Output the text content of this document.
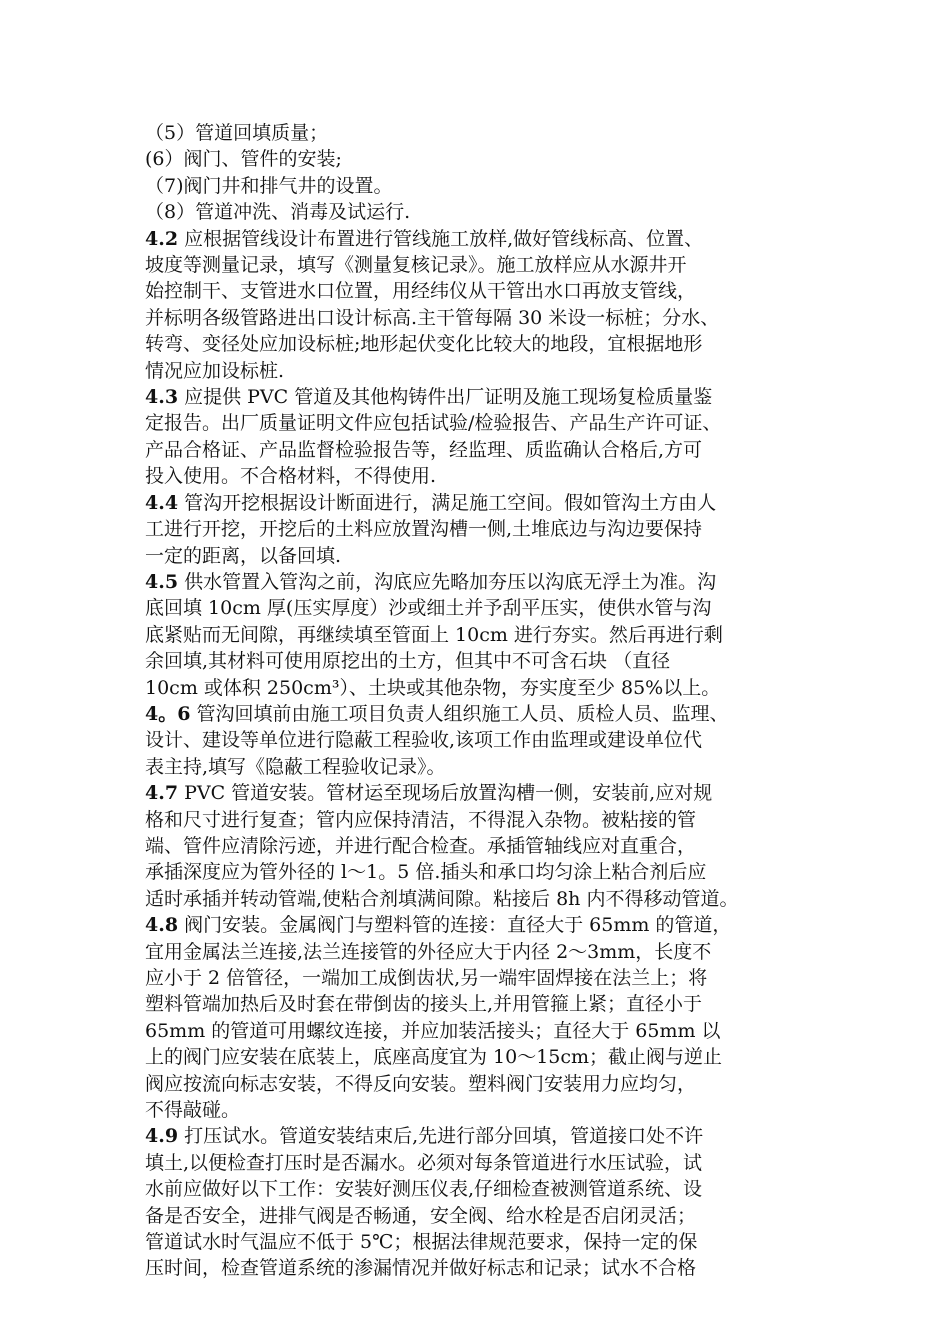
（5）管道回填质量；
(6）阀门、管件的安装;
（7)阀门井和排气井的设置。
（8）管道冲洗、消毒及试运行.
4.2 应根据管线设计布置进行管线施工放样,做好管线标高、位置、
坡度等测量记录，填写《测量复核记录》。施工放样应从水源井开
始控制干、支管进水口位置，用经纬仪从干管出水口再放支管线，
并标明各级管路进出口设计标高.主干管每隔 30 米设一标桩；分水、
转弯、变径处应加设标桩;地形起伏变化比较大的地段，宜根据地形
情况应加设标桩.
4.3 应提供 PVC 管道及其他构铸件出厂证明及施工现场复检质量鉴
定报告。出厂质量证明文件应包括试验/检验报告、产品生产许可证、
产品合格证、产品监督检验报告等，经监理、质监确认合格后,方可
投入使用。不合格材料，不得使用.
4.4 管沟开挖根据设计断面进行，满足施工空间。假如管沟土方由人
工进行开挖，开挖后的土料应放置沟槽一侧,土堆底边与沟边要保持
一定的距离，以备回填.
4.5 供水管置入管沟之前，沟底应先略加夯压以沟底无浮土为准。沟
底回填 10cm 厚(压实厚度）沙或细土并予刮平压实，使供水管与沟
底紧贴而无间隙，再继续填至管面上 10cm 进行夯实。然后再进行剩
余回填,其材料可使用原挖出的土方，但其中不可含石块 （直径
10cm 或体积 250cm³）、土块或其他杂物，夯实度至少 85%以上。
4。6 管沟回填前由施工项目负责人组织施工人员、质检人员、监理、
设计、建设等单位进行隐蔽工程验收,该项工作由监理或建设单位代
表主持,填写《隐蔽工程验收记录》。
4.7 PVC 管道安装。管材运至现场后放置沟槽一侧，安装前,应对规
格和尺寸进行复查；管内应保持清洁，不得混入杂物。被粘接的管
端、管件应清除污迹，并进行配合检查。承插管轴线应对直重合，
承插深度应为管外径的 l～1。5 倍.插头和承口均匀涂上粘合剂后应
适时承插并转动管端,使粘合剂填满间隙。粘接后 8h 内不得移动管道。
4.8 阀门安装。金属阀门与塑料管的连接：直径大于 65mm 的管道，
宜用金属法兰连接,法兰连接管的外径应大于内径 2～3mm，长度不
应小于 2 倍管径，一端加工成倒齿状,另一端牢固焊接在法兰上；将
塑料管端加热后及时套在带倒齿的接头上,并用管箍上紧；直径小于
65mm 的管道可用螺纹连接，并应加装活接头；直径大于 65mm 以
上的阀门应安装在底装上，底座高度宜为 10～15cm；截止阀与逆止
阀应按流向标志安装，不得反向安装。塑料阀门安装用力应均匀，
不得敲碰。
4.9 打压试水。管道安装结束后,先进行部分回填，管道接口处不许
填土,以便检查打压时是否漏水。必须对每条管道进行水压试验，试
水前应做好以下工作：安装好测压仪表,仔细检查被测管道系统、设
备是否安全，进排气阀是否畅通，安全阀、给水栓是否启闭灵活；
管道试水时气温应不低于 5℃；根据法律规范要求，保持一定的保
压时间，检查管道系统的渗漏情况并做好标志和记录；试水不合格
